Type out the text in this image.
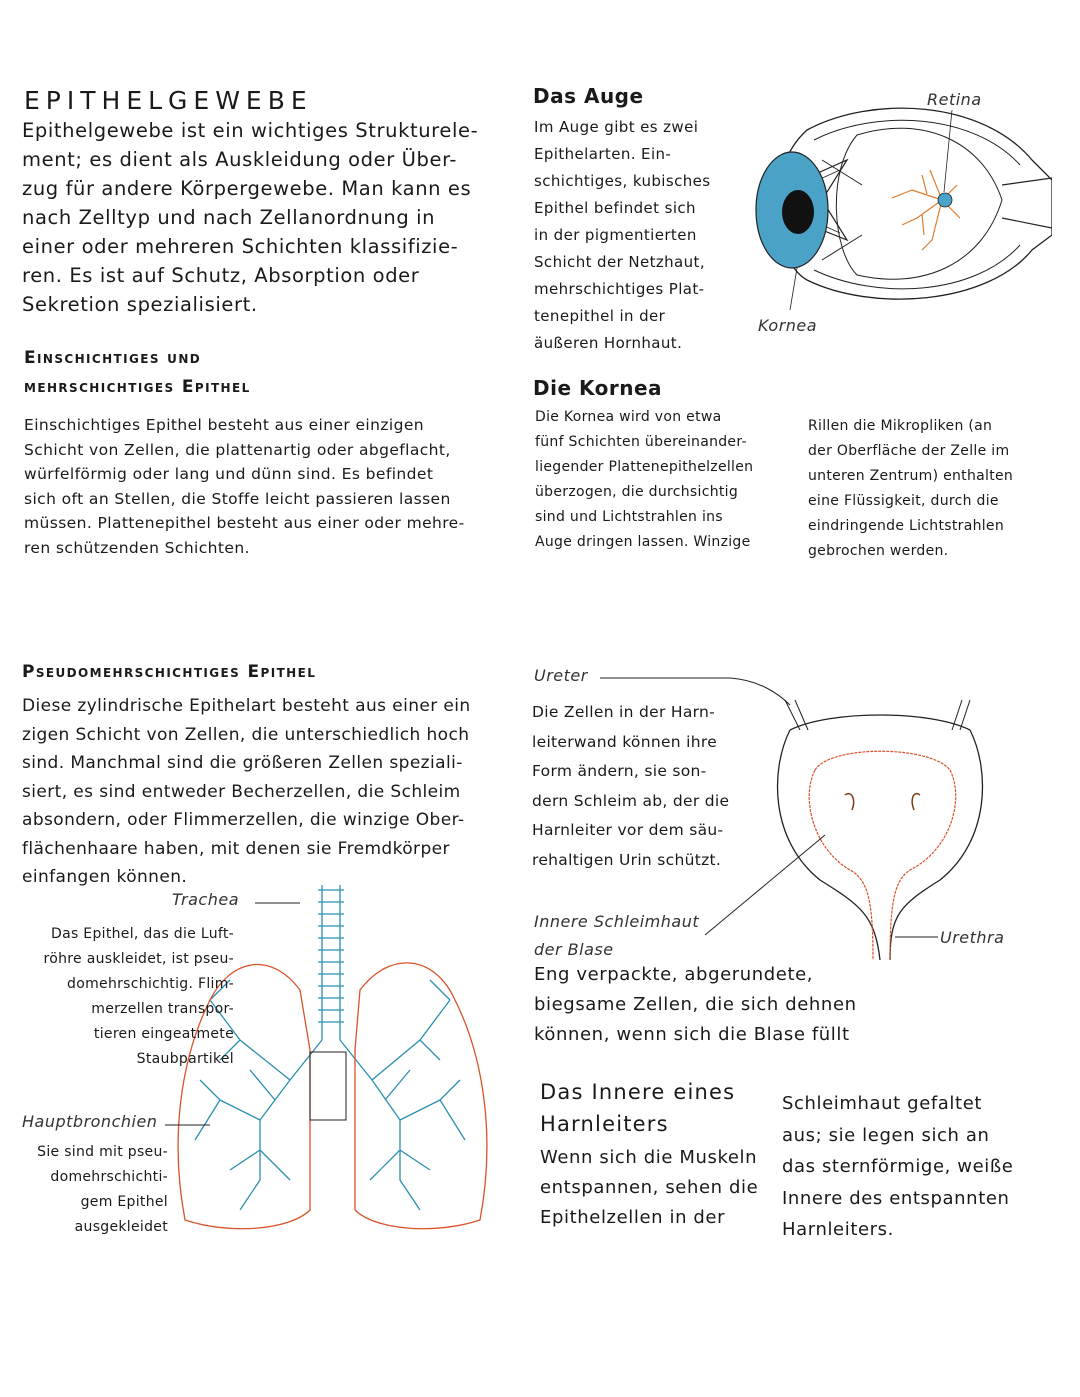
EPITHELGEWEBE
Epithelgewebe ist ein wichtiges Strukturele-
ment; es dient als Auskleidung oder Über-
zug für andere Körpergewebe. Man kann es
nach Zelltyp und nach Zellanordnung in
einer oder mehreren Schichten klassifizie-
ren. Es ist auf Schutz, Absorption oder
Sekretion spezialisiert.
Einschichtiges und
mehrschichtiges Epithel
Einschichtiges Epithel besteht aus einer einzigen
Schicht von Zellen, die plattenartig oder abgeflacht,
würfelförmig oder lang und dünn sind. Es befindet
sich oft an Stellen, die Stoffe leicht passieren lassen
müssen. Plattenepithel besteht aus einer oder mehre-
ren schützenden Schichten.
Das Auge
Im Auge gibt es zwei
Epithelarten. Ein-
schichtiges, kubisches
Epithel befindet sich
in der pigmentierten
Schicht der Netzhaut,
mehrschichtiges Plat-
tenepithel in der
äußeren Hornhaut.
Retina
Kornea
Die Kornea
Die Kornea wird von etwa
fünf Schichten übereinander-
liegender Plattenepithelzellen
überzogen, die durchsichtig
sind und Lichtstrahlen ins
Auge dringen lassen. Winzige
Rillen die Mikropliken (an
der Oberfläche der Zelle im
unteren Zentrum) enthalten
eine Flüssigkeit, durch die
eindringende Lichtstrahlen
gebrochen werden.
Pseudomehrschichtiges Epithel
Diese zylindrische Epithelart besteht aus einer ein
zigen Schicht von Zellen, die unterschiedlich hoch
sind. Manchmal sind die größeren Zellen speziali-
siert, es sind entweder Becherzellen, die Schleim
absondern, oder Flimmerzellen, die winzige Ober-
flächenhaare haben, mit denen sie Fremdkörper
einfangen können.
Trachea
Das Epithel, das die Luft-
röhre auskleidet, ist pseu-
domehrschichtig. Flim-
merzellen transpor-
tieren eingeatmete
Staubpartikel
Hauptbronchien
Sie sind mit pseu-
domehrschichti-
gem Epithel
ausgekleidet
Ureter
Die Zellen in der Harn-
leiterwand können ihre
Form ändern, sie son-
dern Schleim ab, der die
Harnleiter vor dem säu-
rehaltigen Urin schützt.
Innere Schleimhaut
der Blase
Urethra
Eng verpackte, abgerundete,
biegsame Zellen, die sich dehnen
können, wenn sich die Blase füllt
Das Innere eines
Harnleiters
Wenn sich die Muskeln
entspannen, sehen die
Epithelzellen in der
Schleimhaut gefaltet
aus; sie legen sich an
das sternförmige, weiße
Innere des entspannten
Harnleiters.
